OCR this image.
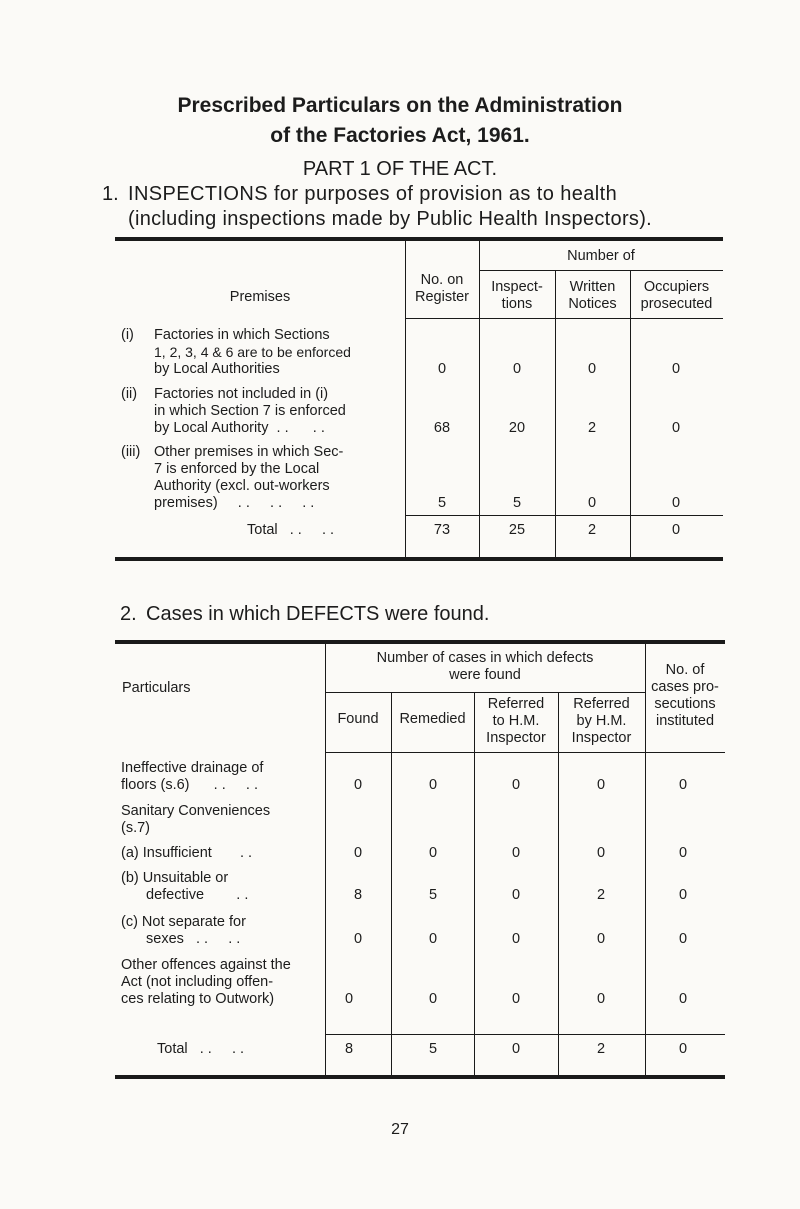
Prescribed Particulars on the Administration
of the Factories Act, 1961.
PART 1 OF THE ACT.
1. INSPECTIONS for purposes of provision as to health
(including inspections made by Public Health Inspectors).
Premises
No. on
Register
Number of
Inspect-
tions
Written
Notices
Occupiers
prosecuted
(i) Factories in which Sections
1, 2, 3, 4 & 6 are to be enforced
by Local Authorities	0	0	0	0
(ii) Factories not included in (i)
in which Section 7 is enforced
by Local Authority  . .      . .	68	20	2	0
(iii) Other premises in which Sec-
7 is enforced by the Local
Authority (excl. out-workers
premises)     . .     . .     . .	5	5	0	0
Total   . .     . .	73	25	2	0
2. Cases in which DEFECTS were found.
Particulars
Number of cases in which defects
were found
Found	Remedied
Referred
to H.M.
Inspector
Referred
by H.M.
Inspector
No. of
cases pro-
secutions
instituted
Ineffective drainage of
floors (s.6)      . .     . .	0	0	0	0	0
Sanitary Conveniences
(s.7)
(a) Insufficient       . .	0	0	0	0	0
(b) Unsuitable or
defective        . .	8	5	0	2	0
(c) Not separate for
sexes   . .     . .	0	0	0	0	0
Other offences against the
Act (not including offen-
ces relating to Outwork)	0	0	0	0	0
Total   . .     . .	8	5	0	2	0
27
